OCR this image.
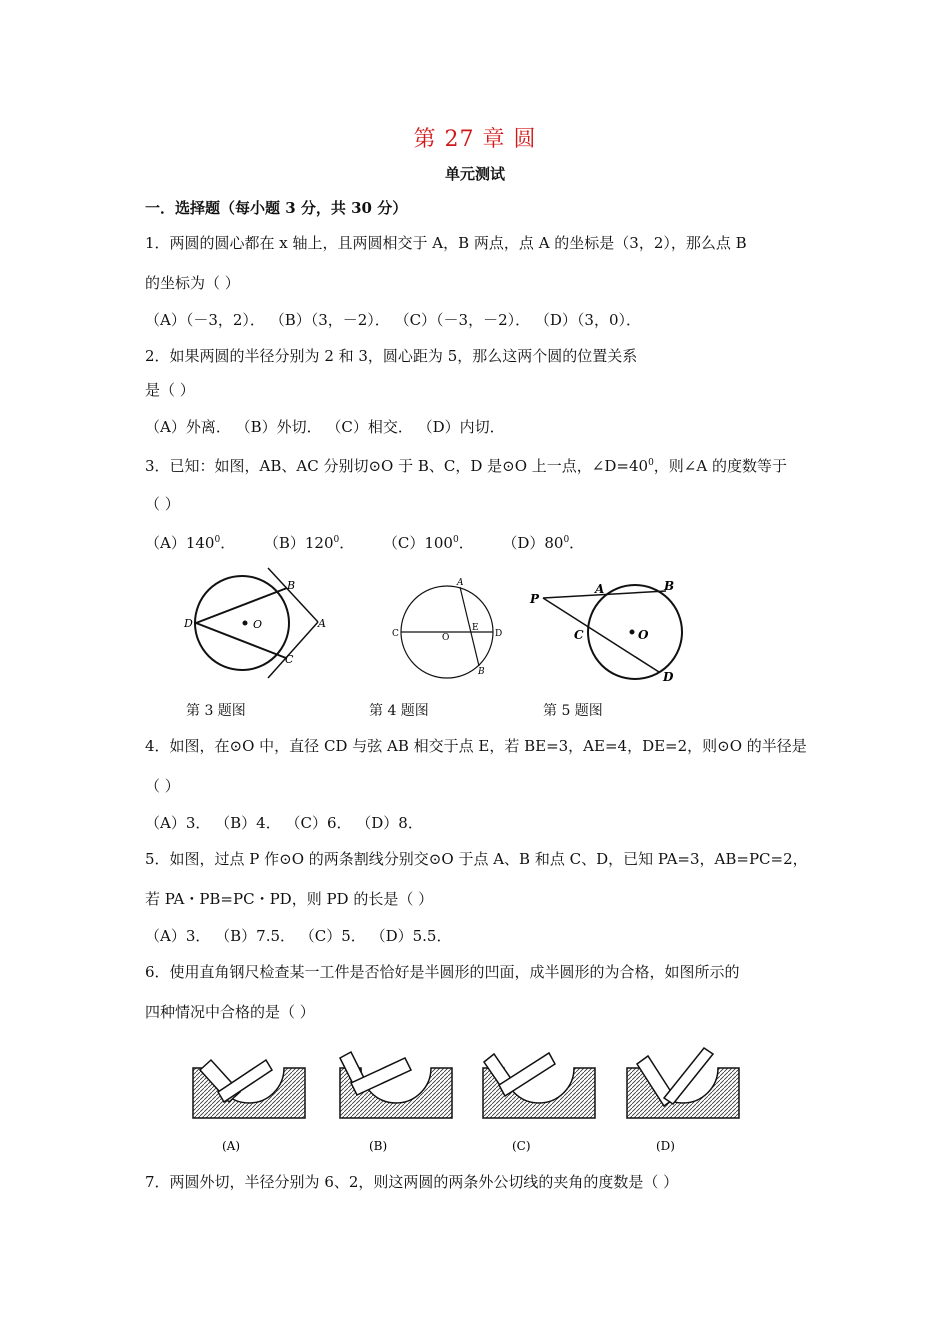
第 27 章 圆
单元测试
一．选择题（每小题 3 分，共 30 分）
1．两圆的圆心都在 x 轴上，且两圆相交于 A，B 两点，点 A 的坐标是（3，2），那么点 B
的坐标为（ ）
（A）（－3，2）． （B）（3，－2）． （C）（－3，－2）． （D）（3，0）．
2．如果两圆的半径分别为 2 和 3，圆心距为 5，那么这两个圆的位置关系
是（ ）
（A）外离． （B）外切． （C）相交． （D）内切．
3．已知：如图，AB、AC 分别切⊙O 于 B、C，D 是⊙O 上一点，$\angle D=40^0$，则∠A 的度数等于
（ ）
$(A)140^0$． $(B)120^0$． $(C)100^0$． $(D)80^0$．
B
A
C
D	O
A
B
C	D
E
O
P
A	B
C
D
O
第 3 题图	第 4 题图	第 5 题图
4．如图，在⊙O 中，直径 CD 与弦 AB 相交于点 E，若 BE=3，AE=4，DE=2，则⊙O 的半径是
（ ）
（A）3． （B）4． （C）6． （D）8．
5．如图，过点 P 作⊙O 的两条割线分别交⊙O 于点 A、B 和点 C、D，已知 PA=3，AB=PC=2，
若 PA・PB=PC・PD，则 PD 的长是（ ）
（A）3． （B）7.5． （C）5． （D）5.5．
6．使用直角钢尺检查某一工件是否恰好是半圆形的凹面，成半圆形的为合格，如图所示的
四种情况中合格的是（ ）
(A)	(B)	(C)	(D)
7．两圆外切，半径分别为 6、2，则这两圆的两条外公切线的夹角的度数是（ ）
